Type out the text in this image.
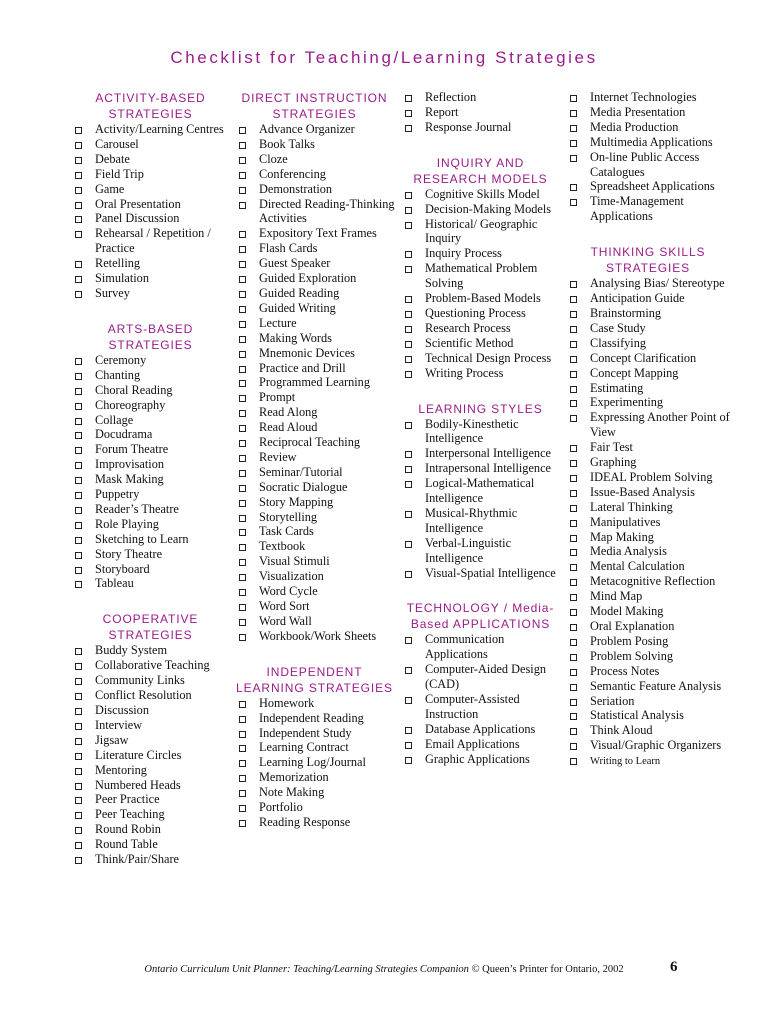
Checklist for Teaching/Learning Strategies
ACTIVITY-BASED STRATEGIES
Activity/Learning Centres
Carousel
Debate
Field Trip
Game
Oral Presentation
Panel Discussion
Rehearsal / Repetition / Practice
Retelling
Simulation
Survey
ARTS-BASED STRATEGIES
Ceremony
Chanting
Choral Reading
Choreography
Collage
Docudrama
Forum Theatre
Improvisation
Mask Making
Puppetry
Reader’s Theatre
Role Playing
Sketching to Learn
Story Theatre
Storyboard
Tableau
COOPERATIVE STRATEGIES
Buddy System
Collaborative Teaching
Community Links
Conflict Resolution
Discussion
Interview
Jigsaw
Literature Circles
Mentoring
Numbered Heads
Peer Practice
Peer Teaching
Round Robin
Round Table
Think/Pair/Share
DIRECT INSTRUCTION STRATEGIES
Advance Organizer
Book Talks
Cloze
Conferencing
Demonstration
Directed Reading-Thinking Activities
Expository Text Frames
Flash Cards
Guest Speaker
Guided Exploration
Guided Reading
Guided Writing
Lecture
Making Words
Mnemonic Devices
Practice and Drill
Programmed Learning
Prompt
Read Along
Read Aloud
Reciprocal Teaching
Review
Seminar/Tutorial
Socratic Dialogue
Story Mapping
Storytelling
Task Cards
Textbook
Visual Stimuli
Visualization
Word Cycle
Word Sort
Word Wall
Workbook/Work Sheets
INDEPENDENT LEARNING STRATEGIES
Homework
Independent Reading
Independent Study
Learning Contract
Learning Log/Journal
Memorization
Note Making
Portfolio
Reading Response
Reflection
Report
Response Journal
INQUIRY AND RESEARCH MODELS
Cognitive Skills Model
Decision-Making Models
Historical/ Geographic Inquiry
Inquiry Process
Mathematical Problem Solving
Problem-Based Models
Questioning Process
Research Process
Scientific Method
Technical Design Process
Writing Process
LEARNING STYLES
Bodily-Kinesthetic Intelligence
Interpersonal Intelligence
Intrapersonal Intelligence
Logical-Mathematical Intelligence
Musical-Rhythmic Intelligence
Verbal-Linguistic Intelligence
Visual-Spatial Intelligence
TECHNOLOGY / Media-Based APPLICATIONS
Communication Applications
Computer-Aided Design (CAD)
Computer-Assisted Instruction
Database Applications
Email Applications
Graphic Applications
Internet Technologies
Media Presentation
Media Production
Multimedia Applications
On-line Public Access Catalogues
Spreadsheet Applications
Time-Management Applications
THINKING SKILLS STRATEGIES
Analysing Bias/ Stereotype
Anticipation Guide
Brainstorming
Case Study
Classifying
Concept Clarification
Concept Mapping
Estimating
Experimenting
Expressing Another Point of View
Fair Test
Graphing
IDEAL Problem Solving
Issue-Based Analysis
Lateral Thinking
Manipulatives
Map Making
Media Analysis
Mental Calculation
Metacognitive Reflection
Mind Map
Model Making
Oral Explanation
Problem Posing
Problem Solving
Process Notes
Semantic Feature Analysis
Seriation
Statistical Analysis
Think Aloud
Visual/Graphic Organizers
Writing to Learn
Ontario Curriculum Unit Planner: Teaching/Learning Strategies Companion © Queen’s Printer for Ontario, 2002	6
